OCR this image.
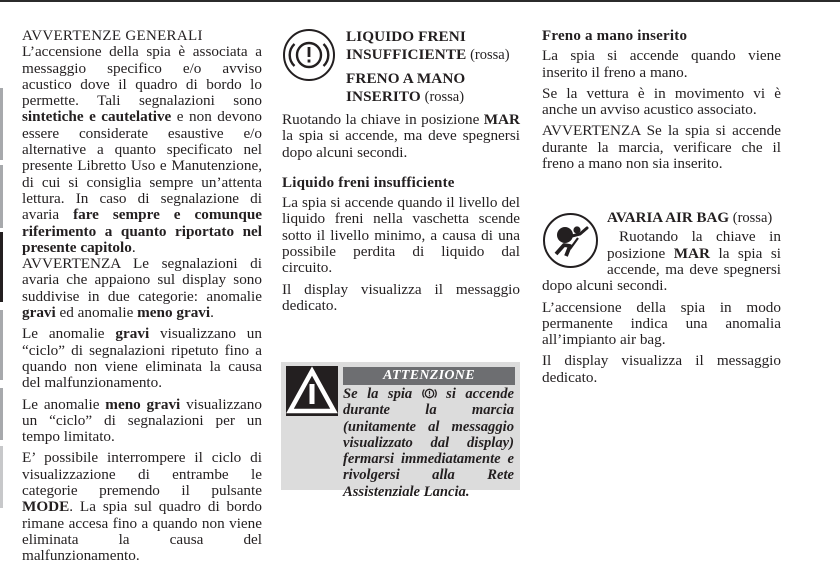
AVVERTENZE GENERALI

L’accensione della spia è associata a messaggio specifico e/o avviso acustico dove il quadro di bordo lo permette. Tali segnalazioni sono sintetiche e cautelative e non devono essere considerate esaustive e/o alternative a quanto specificato nel presente Libretto Uso e Manutenzione, di cui si consiglia sempre un’attenta lettura. In caso di segnalazione di avaria fare sempre e comunque riferimento a quanto riportato nel presente capitolo.

AVVERTENZA Le segnalazioni di avaria che appaiono sul display sono suddivise in due categorie: anomalie gravi ed anomalie meno gravi.

Le anomalie gravi visualizzano un “ciclo” di segnalazioni ripetuto fino a quando non viene eliminata la causa del malfunzionamento.

Le anomalie meno gravi visualizzano un “ciclo” di segnalazioni per un tempo limitato.

E’ possibile interrompere il ciclo di visualizzazione di entrambe le categorie premendo il pulsante MODE. La spia sul quadro di bordo rimane accesa fino a quando non viene eliminata la causa del malfunzionamento.

LIQUIDO FRENI
INSUFFICIENTE (rossa)
FRENO A MANO
INSERITO (rossa)

Ruotando la chiave in posizione MAR la spia si accende, ma deve spegnersi dopo alcuni secondi.

Liquido freni insufficiente

La spia si accende quando il livello del liquido freni nella vaschetta scende sotto il livello minimo, a causa di una possibile perdita di liquido dal circuito.

Il display visualizza il messaggio dedicato.

ATTENZIONE
Se la spia  si accende durante la marcia (unitamente al messaggio visualizzato dal display) fermarsi immediatamente e rivolgersi alla Rete Assistenziale Lancia.
Freno a mano inserito

La spia si accende quando viene inserito il freno a mano.

Se la vettura è in movimento vi è anche un avviso acustico associato.

AVVERTENZA Se la spia si accende durante la marcia, verificare che il freno a mano non sia inserito.

AVARIA AIR BAG (rossa)

Ruotando la chiave in posizione MAR la spia si accende, ma deve spegnersi dopo alcuni secondi.

L’accensione della spia in modo permanente indica una anomalia all’impianto air bag.

Il display visualizza il messaggio dedicato.
